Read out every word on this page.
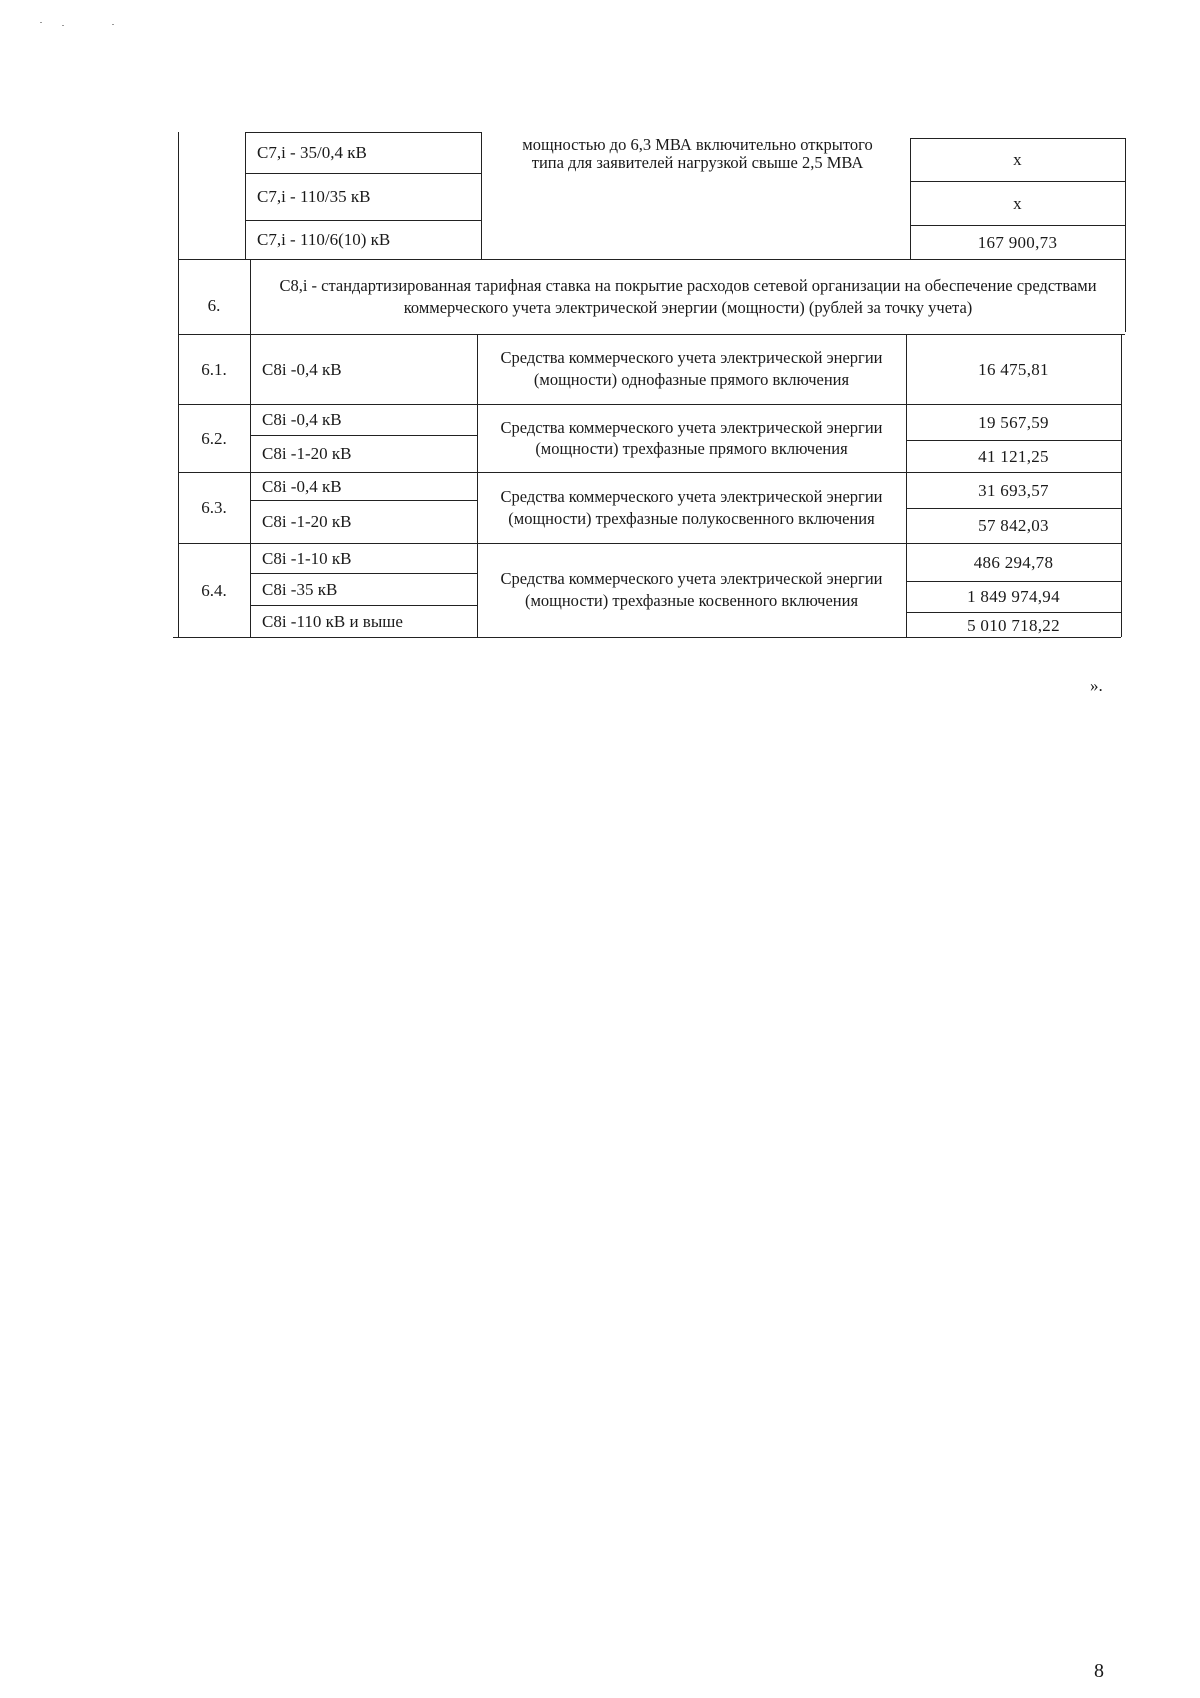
C7,i - 35/0,4 кВ
C7,i - 110/35 кВ
C7,i - 110/6(10) кВ
мощностью до 6,3 МВА включительно открытого типа для заявителей нагрузкой свыше 2,5 МВА	х
х
167 900,73
6.
C8,i - стандартизированная тарифная ставка на покрытие расходов сетевой организации на обеспечение средствами коммерческого учета электрической энергии (мощности) (рублей за точку учета)
6.1. C8i -0,4 кВ
Средства коммерческого учета электрической энергии (мощности) однофазные прямого включения
16 475,81
6.2.
C8i -0,4 кВ
C8i -1-20 кВ
Средства коммерческого учета электрической энергии (мощности) трехфазные прямого включения
19 567,59
41 121,25
6.3.
C8i -0,4 кВ
C8i -1-20 кВ
Средства коммерческого учета электрической энергии (мощности) трехфазные полукосвенного включения
31 693,57
57 842,03
6.4.
C8i -1-10 кВ
C8i -35 кВ
C8i -110 кВ и выше
Средства коммерческого учета электрической энергии (мощности) трехфазные косвенного включения
486 294,78
1 849 974,94
5 010 718,22
».
8
